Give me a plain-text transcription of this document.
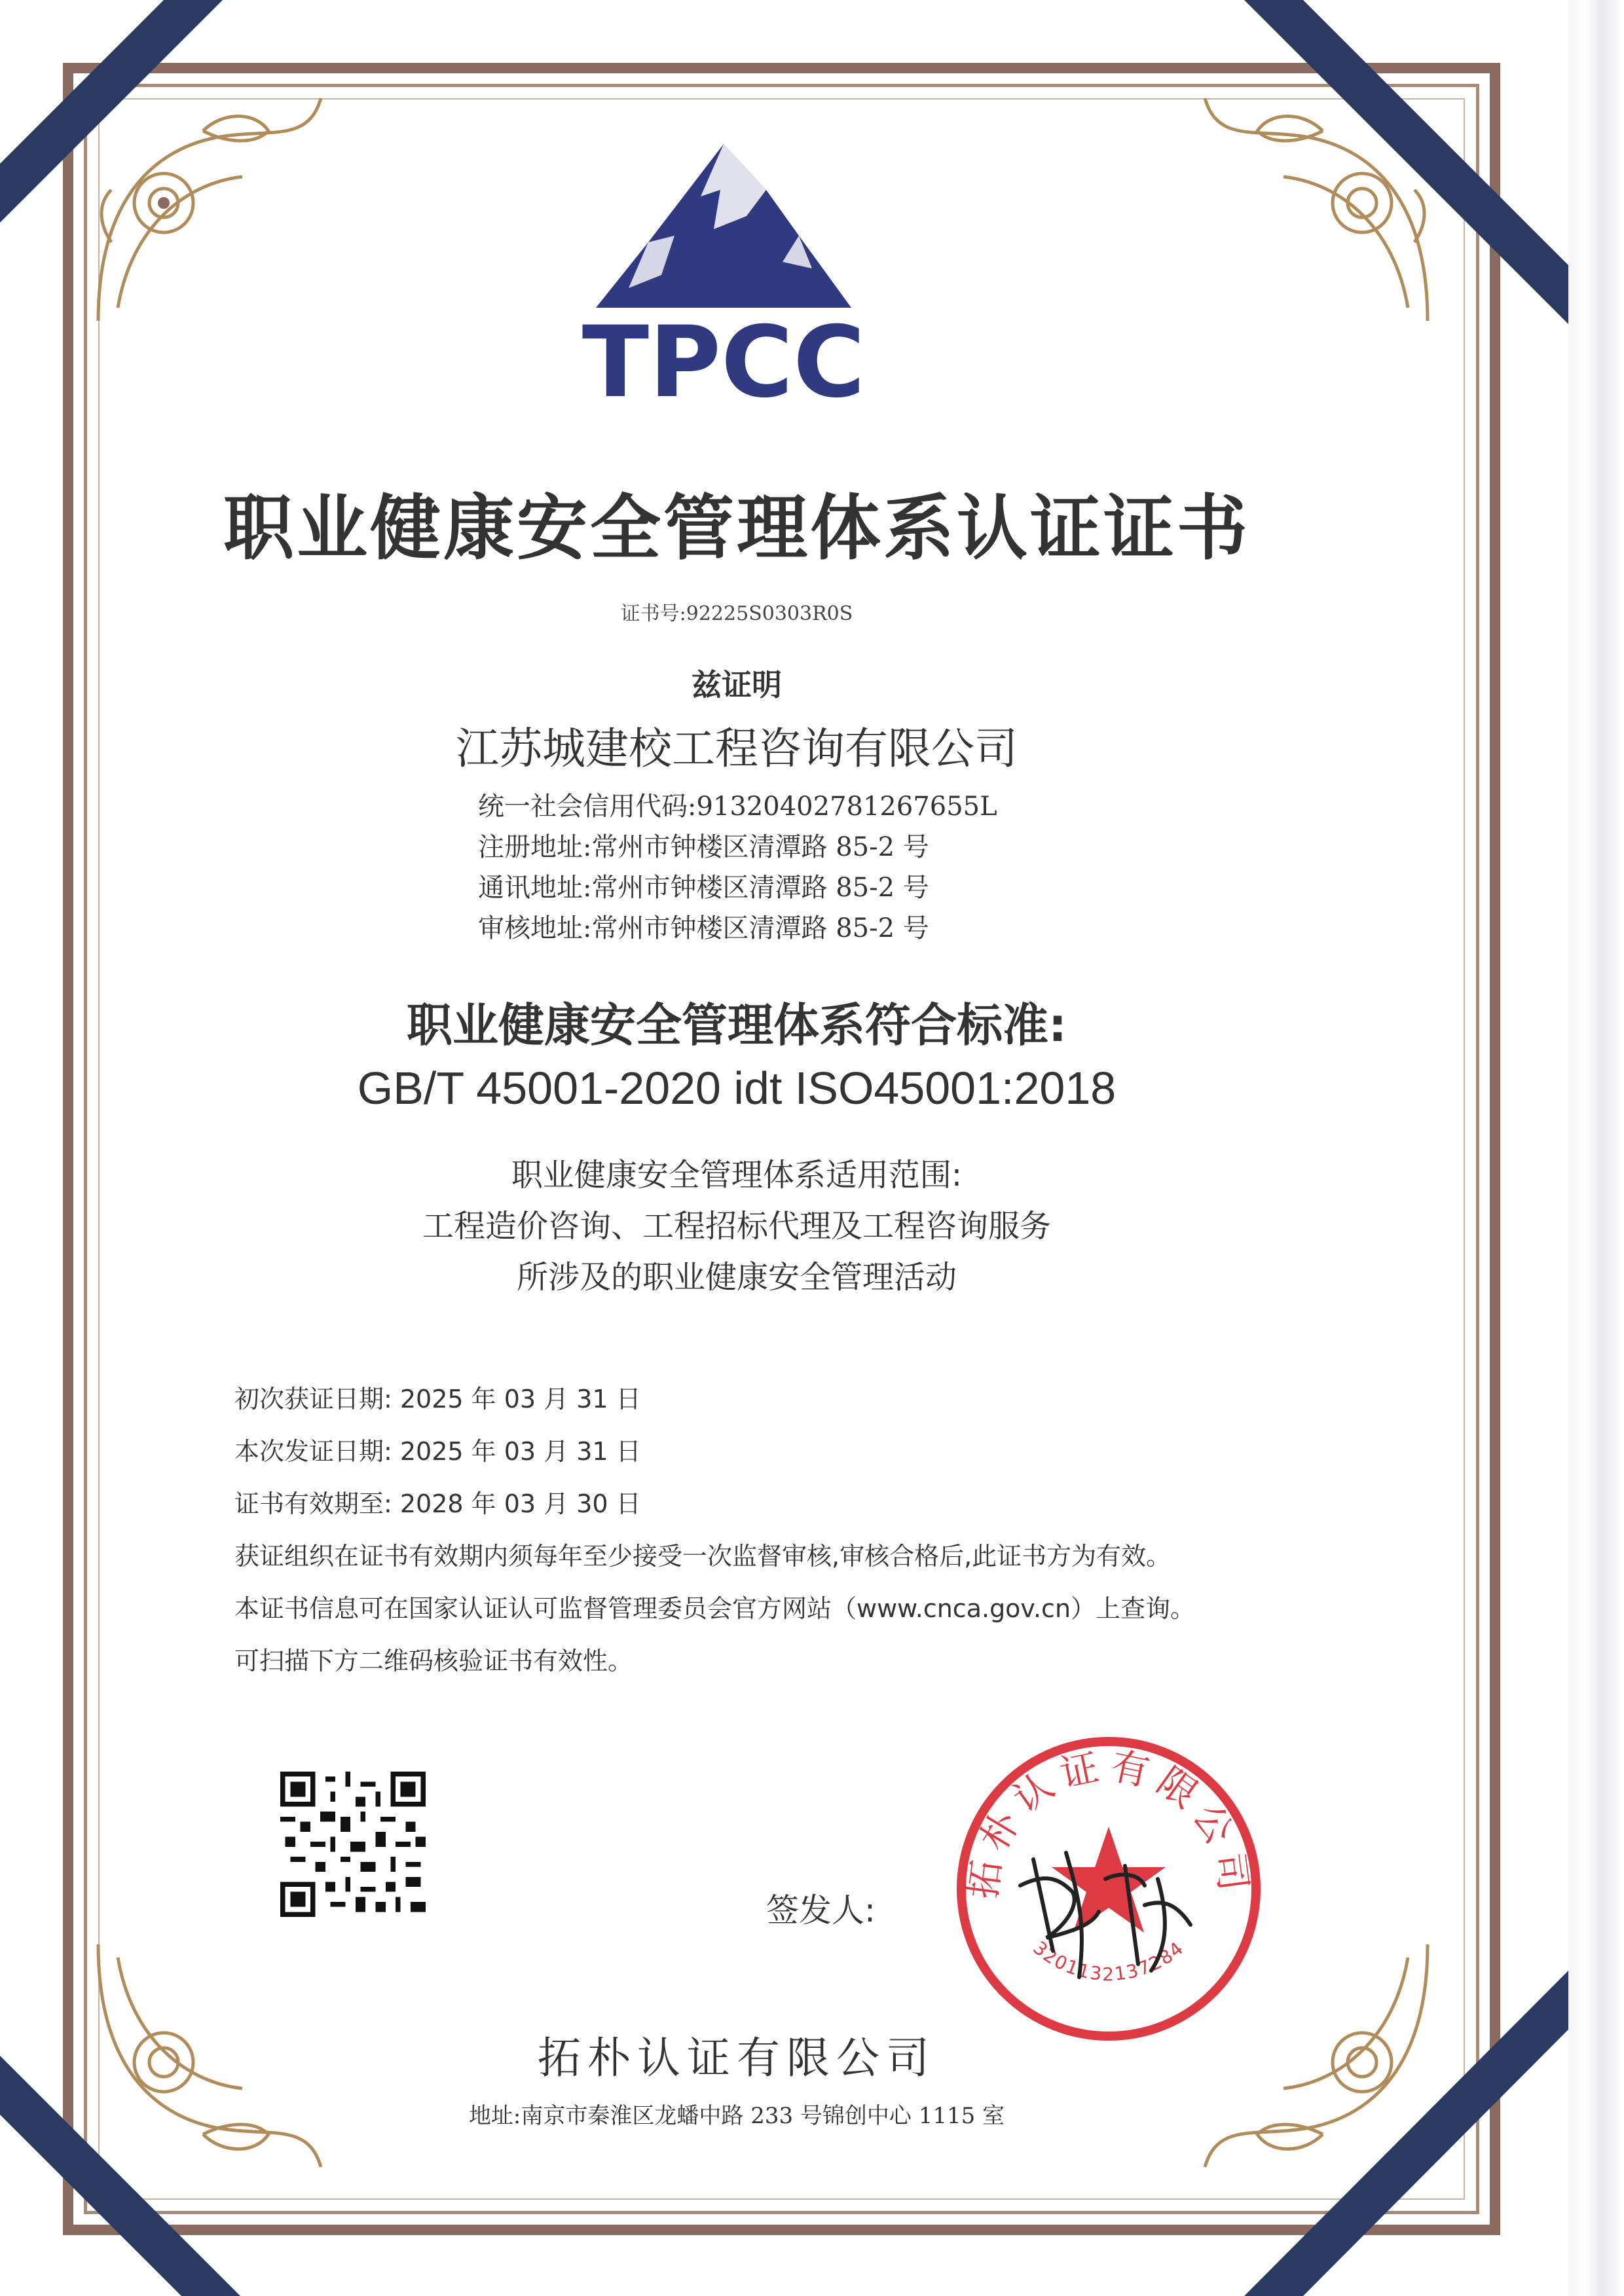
TPCC
职业健康安全管理体系认证证书
证书号:92225S0303R0S
兹证明
江苏城建校工程咨询有限公司
统一社会信用代码:91320402781267655L
注册地址:常州市钟楼区清潭路 85-2 号
通讯地址:常州市钟楼区清潭路 85-2 号
审核地址:常州市钟楼区清潭路 85-2 号
职业健康安全管理体系符合标准:
GB/T 45001-2020 idt ISO45001:2018
职业健康安全管理体系适用范围:
工程造价咨询、工程招标代理及工程咨询服务
所涉及的职业健康安全管理活动
初次获证日期: 2025 年 03 月 31 日
本次发证日期: 2025 年 03 月 31 日
证书有效期至: 2028 年 03 月 30 日
获证组织在证书有效期内须每年至少接受一次监督审核,审核合格后,此证书方为有效。
本证书信息可在国家认证认可监督管理委员会官方网站（www.cnca.gov.cn）上查询。
可扫描下方二维码核验证书有效性。
签发人:
拓朴认证有限公司
3201132137284
拓朴认证有限公司
地址:南京市秦淮区龙蟠中路 233 号锦创中心 1115 室
